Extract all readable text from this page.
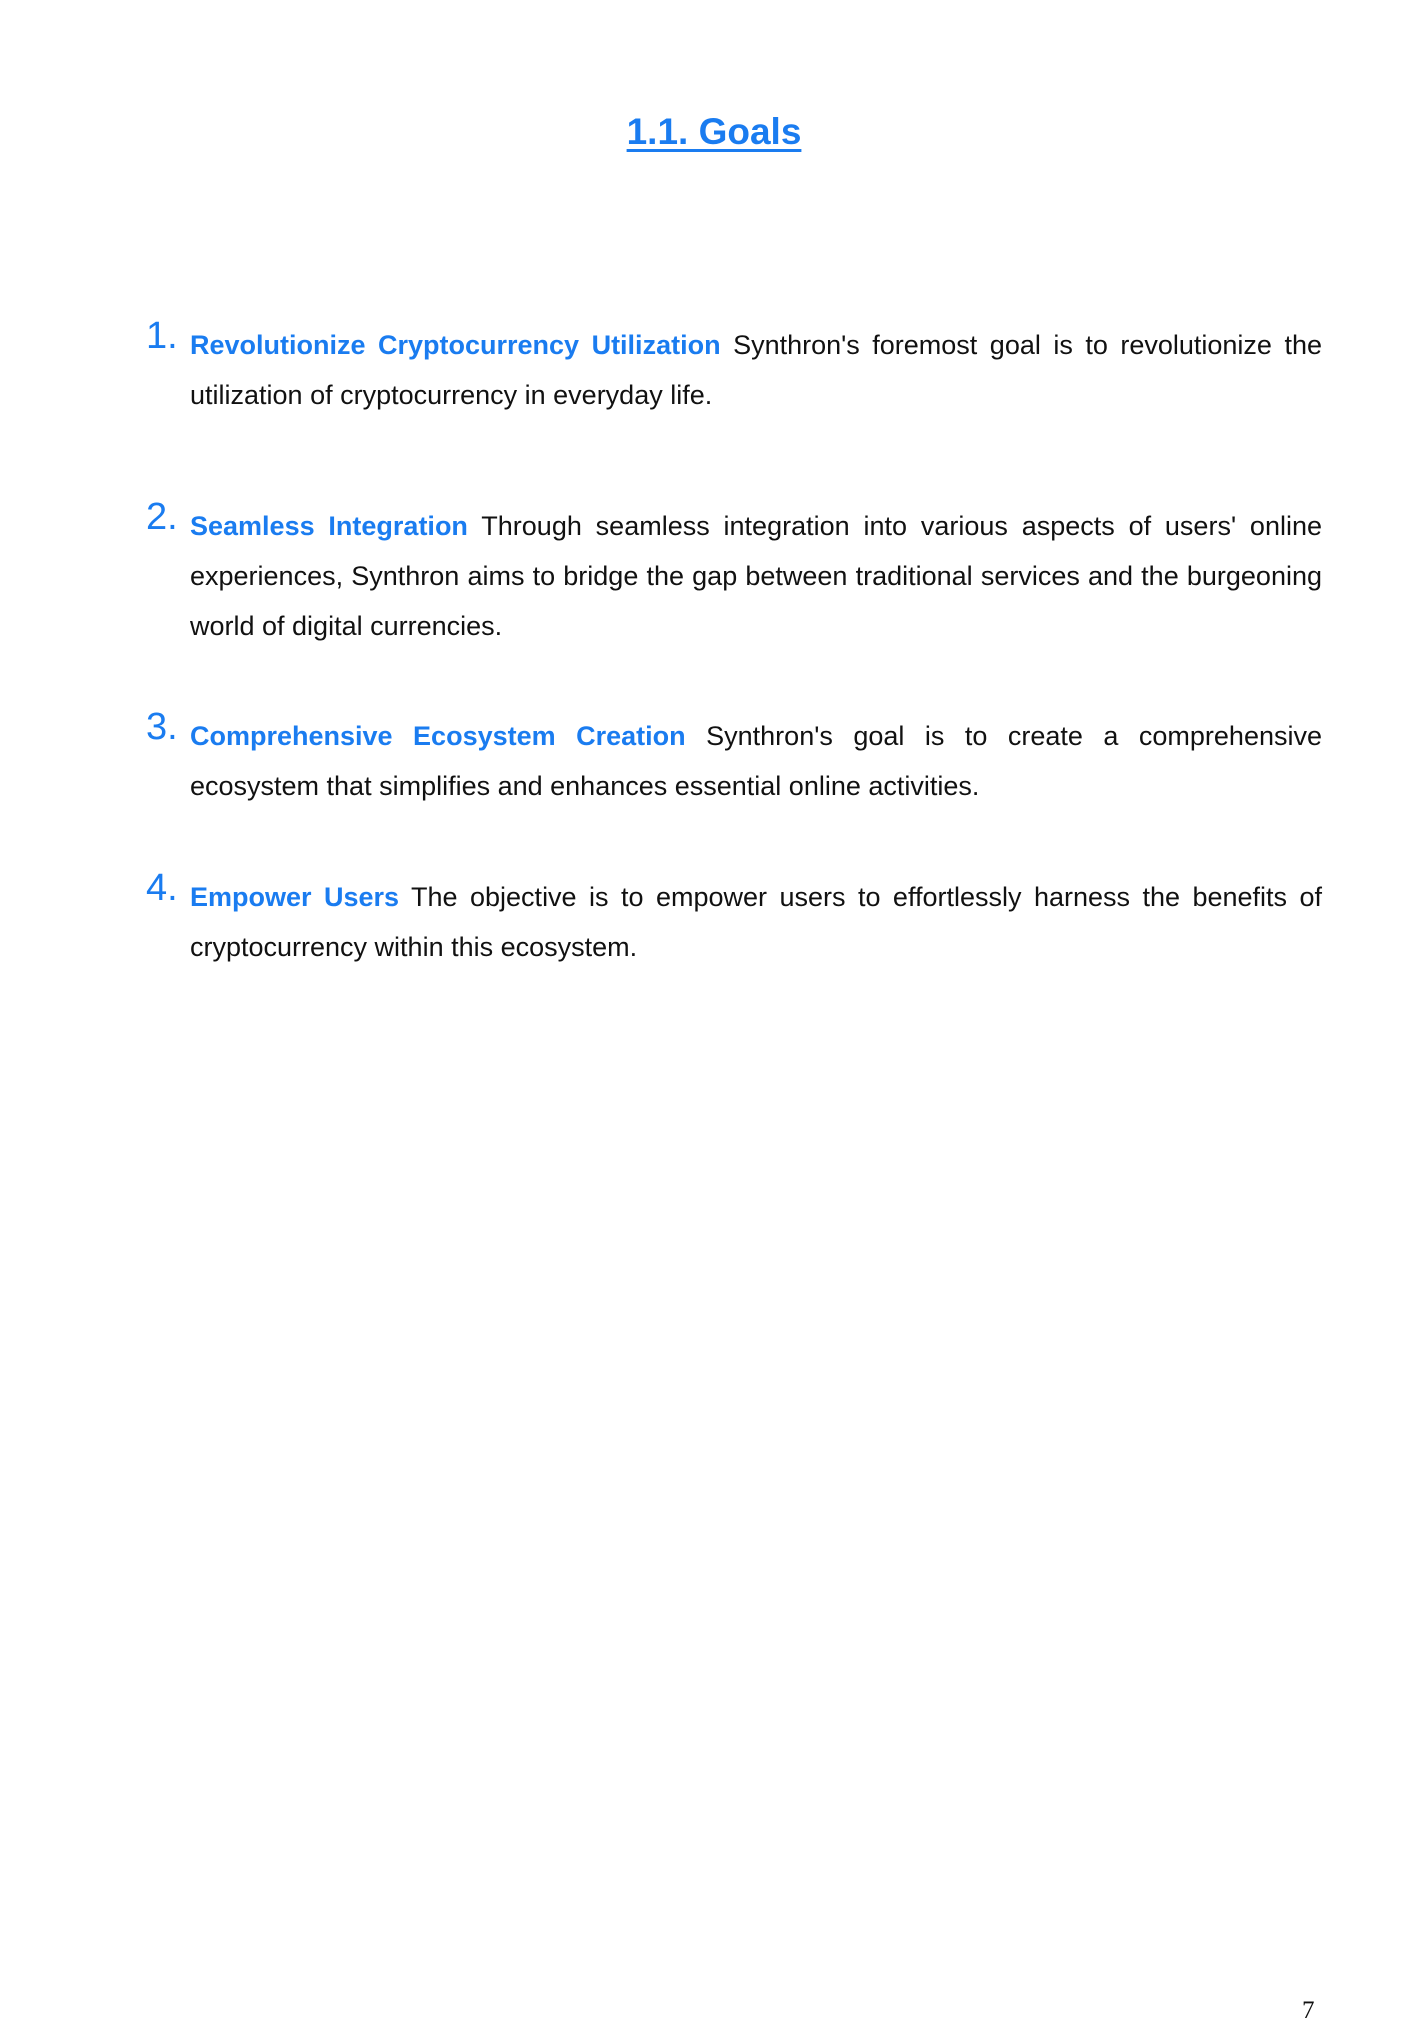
1.1. Goals
1. Revolutionize Cryptocurrency Utilization Synthron's foremost goal is to revolutionize the utilization of cryptocurrency in everyday life.
2. Seamless Integration Through seamless integration into various aspects of users' online experiences, Synthron aims to bridge the gap between traditional services and the burgeoning world of digital currencies.
3. Comprehensive Ecosystem Creation Synthron's goal is to create a comprehensive ecosystem that simplifies and enhances essential online activities.
4. Empower Users The objective is to empower users to effortlessly harness the benefits of cryptocurrency within this ecosystem.
7
